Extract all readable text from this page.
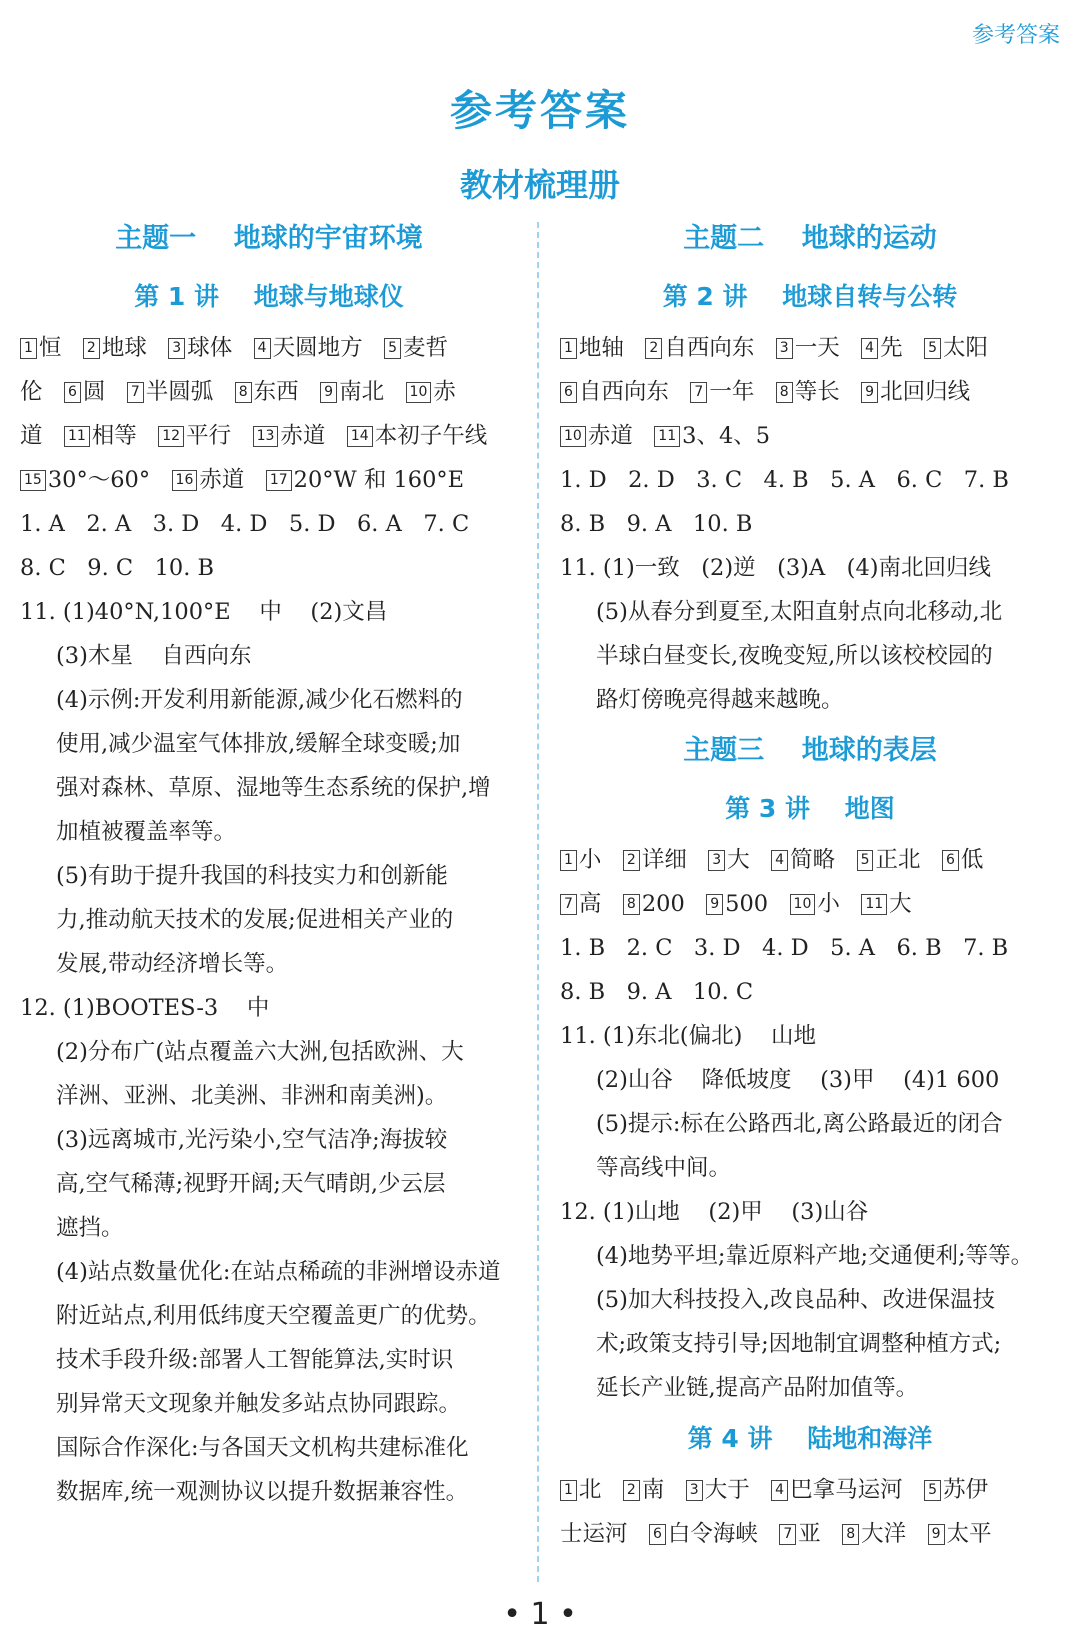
参考答案
参考答案
教材梳理册
主题一    地球的宇宙环境
第 1 讲    地球与地球仪
1 恒   2 地球   3 球体   4 天圆地方   5 麦哲
伦   6 圆   7 半圆弧   8 东西   9 南北   10 赤
道   11 相等   12 平行   13 赤道   14 本初子午线
15 30°～60°   16 赤道   17 20°W 和 160°E
1. A   2. A   3. D   4. D   5. D   6. A   7. C
8. C   9. C   10. B
11. (1)40°N,100°E    中    (2)文昌
(3)木星    自西向东
(4)示例:开发利用新能源,减少化石燃料的
使用,减少温室气体排放,缓解全球变暖;加
强对森林、草原、湿地等生态系统的保护,增
加植被覆盖率等。
(5)有助于提升我国的科技实力和创新能
力,推动航天技术的发展;促进相关产业的
发展,带动经济增长等。
12. (1)BOOTES-3    中
(2)分布广(站点覆盖六大洲,包括欧洲、大
洋洲、亚洲、北美洲、非洲和南美洲)。
(3)远离城市,光污染小,空气洁净;海拔较
高,空气稀薄;视野开阔;天气晴朗,少云层
遮挡。
(4)站点数量优化:在站点稀疏的非洲增设赤道
附近站点,利用低纬度天空覆盖更广的优势。
技术手段升级:部署人工智能算法,实时识
别异常天文现象并触发多站点协同跟踪。
国际合作深化:与各国天文机构共建标准化
数据库,统一观测协议以提升数据兼容性。
主题二    地球的运动
第 2 讲    地球自转与公转
1 地轴   2 自西向东   3 一天   4 先   5 太阳
6 自西向东   7 一年   8 等长   9 北回归线
10 赤道   11 3、4、5
1. D   2. D   3. C   4. B   5. A   6. C   7. B
8. B   9. A   10. B
11. (1)一致   (2)逆   (3)A   (4)南北回归线
(5)从春分到夏至,太阳直射点向北移动,北
半球白昼变长,夜晚变短,所以该校校园的
路灯傍晚亮得越来越晚。
主题三    地球的表层
第 3 讲    地图
1 小   2 详细   3 大   4 简略   5 正北   6 低
7 高   8 200   9 500   10 小   11 大
1. B   2. C   3. D   4. D   5. A   6. B   7. B
8. B   9. A   10. C
11. (1)东北(偏北)    山地
(2)山谷    降低坡度    (3)甲    (4)1 600
(5)提示:标在公路西北,离公路最近的闭合
等高线中间。
12. (1)山地    (2)甲    (3)山谷
(4)地势平坦;靠近原料产地;交通便利;等等。
(5)加大科技投入,改良品种、改进保温技
术;政策支持引导;因地制宜调整种植方式;
延长产业链,提高产品附加值等。
第 4 讲    陆地和海洋
1 北   2 南   3 大于   4 巴拿马运河   5 苏伊
士运河   6 白令海峡   7 亚   8 大洋   9 太平
• 1 •
